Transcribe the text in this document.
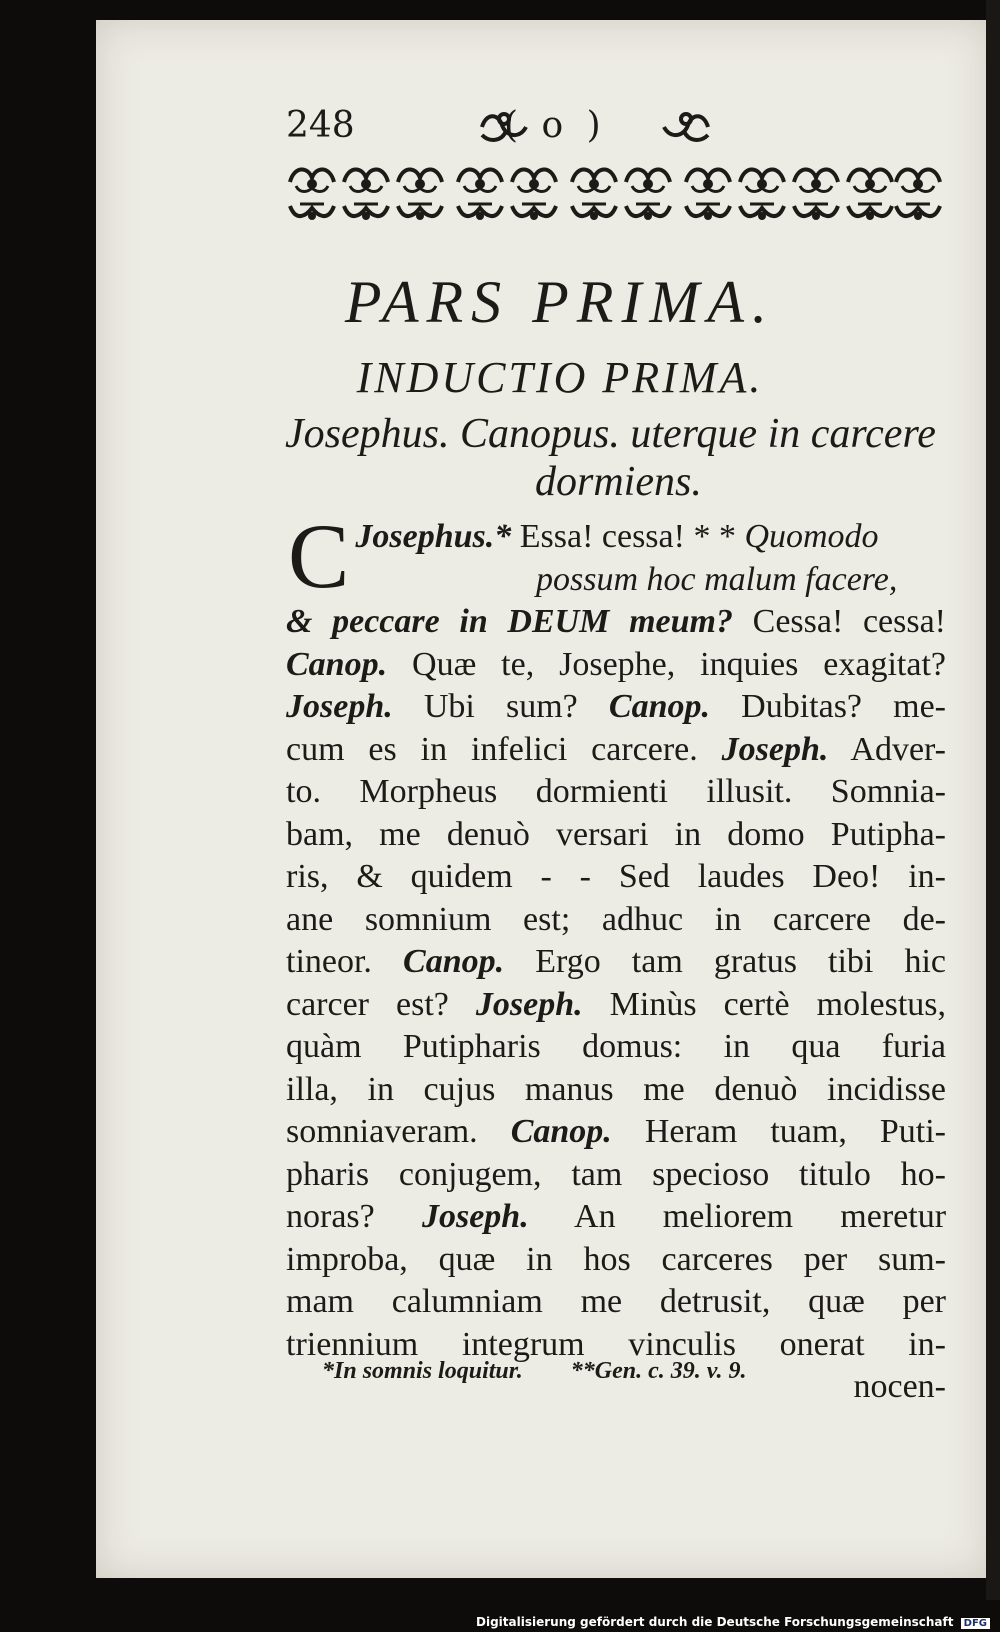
248	( o )
PARS PRIMA.
INDUCTIO PRIMA.
Josephus. Canopus. uterque in carcere
dormiens.
Josephus.*
C	Essa! cessa! * * Quomodo
possum hoc malum facere,
& peccare in DEUM meum? Cessa! cessa!
Canop. Quæ te, Josephe, inquies exagitat?
Joseph. Ubi sum? Canop. Dubitas? me-
cum es in infelici carcere. Joseph. Adver-
to. Morpheus dormienti illusit. Somnia-
bam, me denuò versari in domo Putipha-
ris, & quidem - - Sed laudes Deo! in-
ane somnium est; adhuc in carcere de-
tineor. Canop. Ergo tam gratus tibi hic
carcer est? Joseph. Minùs certè molestus,
quàm Putipharis domus: in qua furia
illa, in cujus manus me denuò incidisse
somniaveram. Canop. Heram tuam, Puti-
pharis conjugem, tam specioso titulo ho-
noras? Joseph. An meliorem meretur
improba, quæ in hos carceres per sum-
mam calumniam me detrusit, quæ per
triennium integrum vinculis onerat in-
nocen-
*In somnis loquitur. **Gen. c. 39. v. 9.
Digitalisierung gefördert durch die Deutsche Forschungsgemeinschaft DFG
